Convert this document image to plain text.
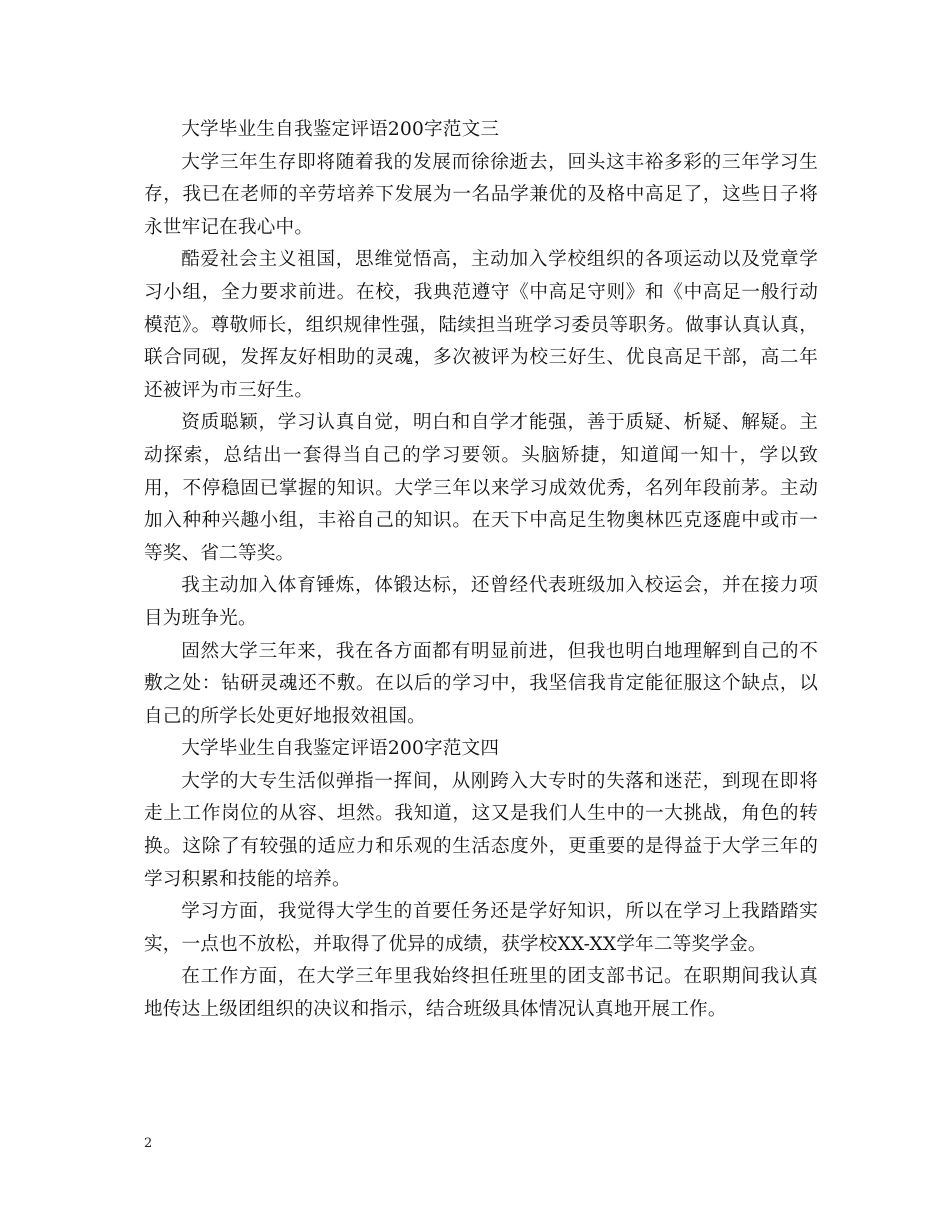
大学毕业生自我鉴定评语200字范文三

大学三年生存即将随着我的发展而徐徐逝去，回头这丰裕多彩的三年学习生存，我已在老师的辛劳培养下发展为一名品学兼优的及格中高足了，这些日子将永世牢记在我心中。

酷爱社会主义祖国，思维觉悟高，主动加入学校组织的各项运动以及党章学习小组，全力要求前进。在校，我典范遵守《中高足守则》和《中高足一般行动模范》。尊敬师长，组织规律性强，陆续担当班学习委员等职务。做事认真认真，联合同砚，发挥友好相助的灵魂，多次被评为校三好生、优良高足干部，高二年还被评为市三好生。

资质聪颖，学习认真自觉，明白和自学才能强，善于质疑、析疑、解疑。主动探索，总结出一套得当自己的学习要领。头脑矫捷，知道闻一知十，学以致用，不停稳固已掌握的知识。大学三年以来学习成效优秀，名列年段前茅。主动加入种种兴趣小组，丰裕自己的知识。在天下中高足生物奥林匹克逐鹿中或市一等奖、省二等奖。

我主动加入体育锤炼，体锻达标，还曾经代表班级加入校运会，并在接力项目为班争光。

固然大学三年来，我在各方面都有明显前进，但我也明白地理解到自己的不敷之处：钻研灵魂还不敷。在以后的学习中，我坚信我肯定能征服这个缺点，以自己的所学长处更好地报效祖国。

大学毕业生自我鉴定评语200字范文四

大学的大专生活似弹指一挥间，从刚跨入大专时的失落和迷茫，到现在即将走上工作岗位的从容、坦然。我知道，这又是我们人生中的一大挑战，角色的转换。这除了有较强的适应力和乐观的生活态度外，更重要的是得益于大学三年的学习积累和技能的培养。

学习方面，我觉得大学生的首要任务还是学好知识，所以在学习上我踏踏实实，一点也不放松，并取得了优异的成绩，获学校XX-XX学年二等奖学金。

在工作方面，在大学三年里我始终担任班里的团支部书记。在职期间我认真地传达上级团组织的决议和指示，结合班级具体情况认真地开展工作。

2
